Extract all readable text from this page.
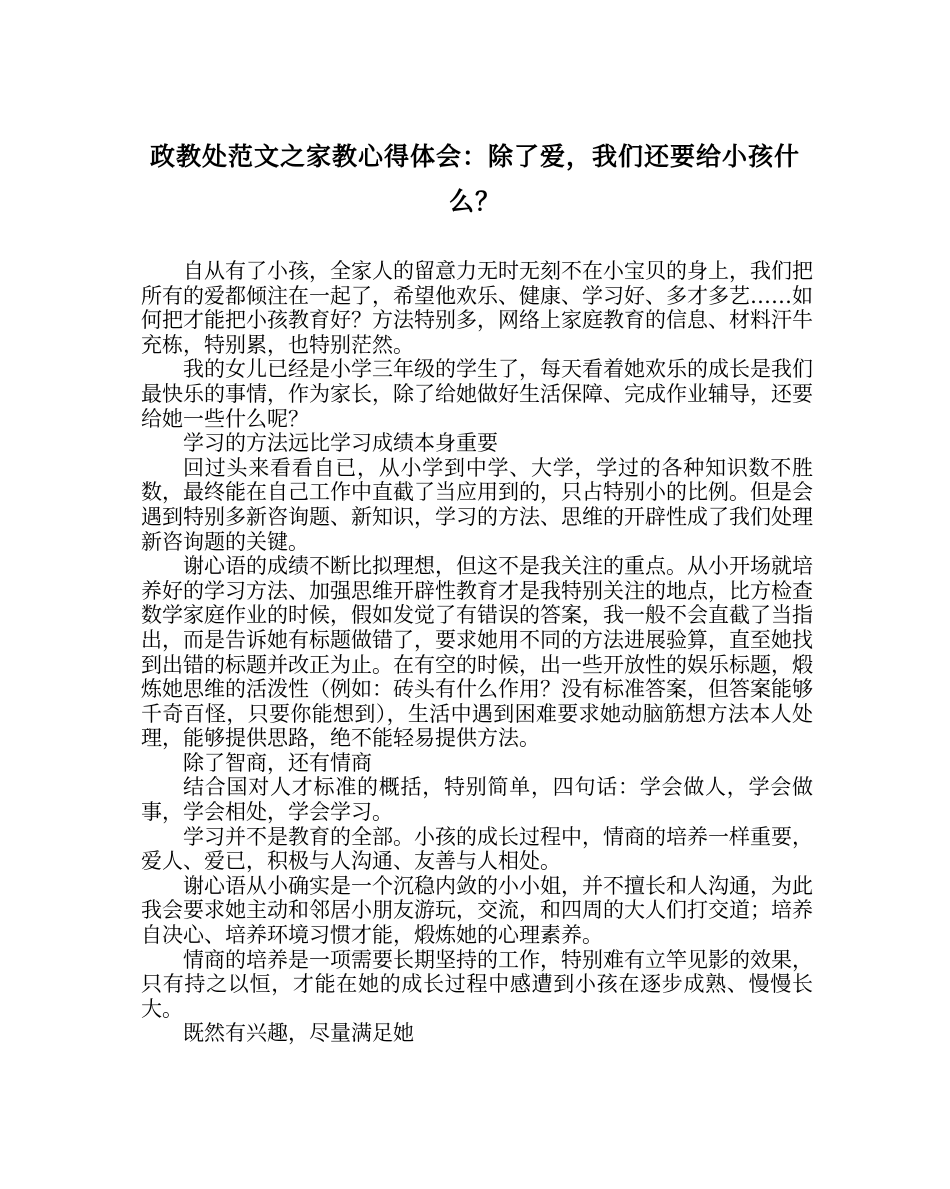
政教处范文之家教心得体会：除了爱，我们还要给小孩什么？

自从有了小孩，全家人的留意力无时无刻不在小宝贝的身上，我们把所有的爱都倾注在一起了，希望他欢乐、健康、学习好、多才多艺……如何把才能把小孩教育好？方法特别多，网络上家庭教育的信息、材料汗牛充栋，特别累，也特别茫然。

我的女儿已经是小学三年级的学生了，每天看着她欢乐的成长是我们最快乐的事情，作为家长，除了给她做好生活保障、完成作业辅导，还要给她一些什么呢？

学习的方法远比学习成绩本身重要

回过头来看看自已，从小学到中学、大学，学过的各种知识数不胜数，最终能在自己工作中直截了当应用到的，只占特别小的比例。但是会遇到特别多新咨询题、新知识，学习的方法、思维的开辟性成了我们处理新咨询题的关键。

谢心语的成绩不断比拟理想，但这不是我关注的重点。从小开场就培养好的学习方法、加强思维开辟性教育才是我特别关注的地点，比方检查数学家庭作业的时候，假如发觉了有错误的答案，我一般不会直截了当指出，而是告诉她有标题做错了，要求她用不同的方法进展验算，直至她找到出错的标题并改正为止。在有空的时候，出一些开放性的娱乐标题，煅炼她思维的活泼性（例如：砖头有什么作用？没有标准答案，但答案能够千奇百怪，只要你能想到），生活中遇到困难要求她动脑筋想方法本人处理，能够提供思路，绝不能轻易提供方法。

除了智商，还有情商

结合国对人才标准的概括，特别简单，四句话：学会做人，学会做事，学会相处，学会学习。

学习并不是教育的全部。小孩的成长过程中，情商的培养一样重要，爱人、爱已，积极与人沟通、友善与人相处。

谢心语从小确实是一个沉稳内敛的小小姐，并不擅长和人沟通，为此我会要求她主动和邻居小朋友游玩，交流，和四周的大人们打交道；培养自决心、培养环境习惯才能，煅炼她的心理素养。

情商的培养是一项需要长期坚持的工作，特别难有立竿见影的效果，只有持之以恒，才能在她的成长过程中感遭到小孩在逐步成熟、慢慢长大。

既然有兴趣，尽量满足她
